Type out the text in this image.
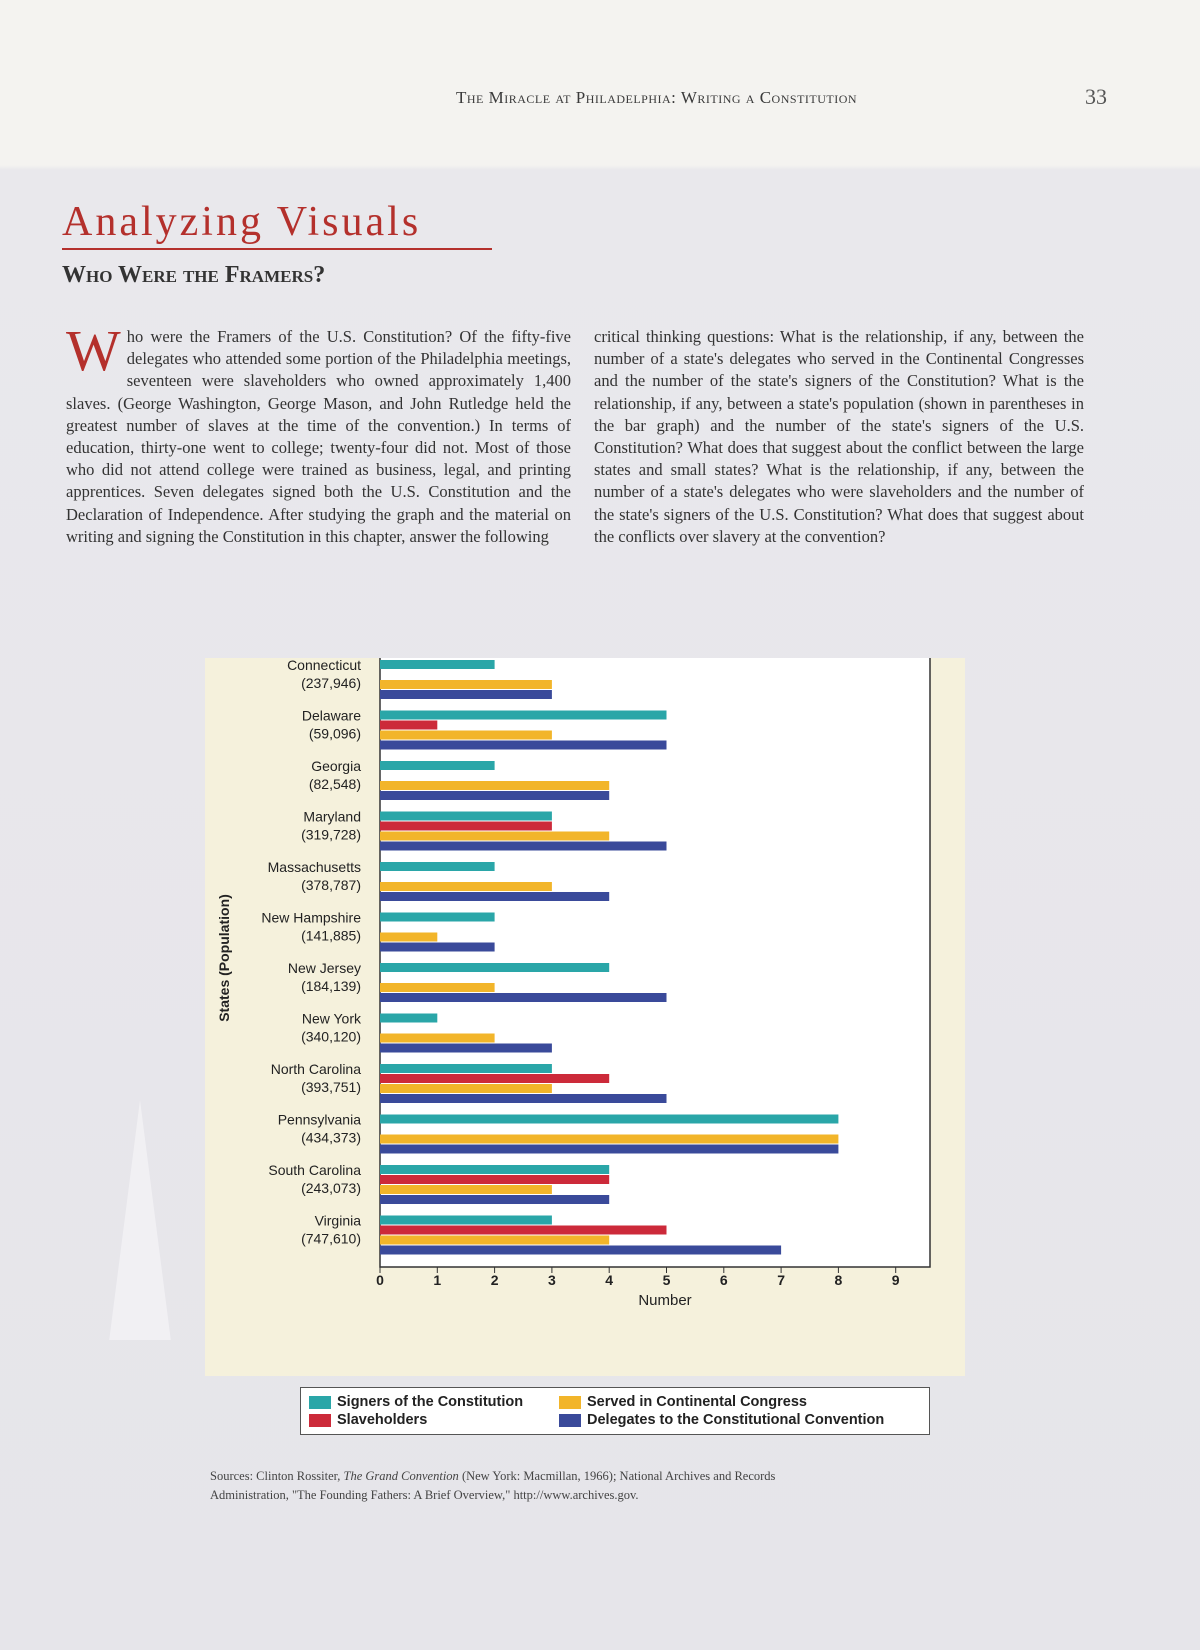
The Miracle at Philadelphia: Writing a Constitution	33
Analyzing Visuals
Who Were the Framers?
Who were the Framers of the U.S. Constitution? Of the fifty-five delegates who attended some portion of the Philadelphia meetings, seventeen were slaveholders who owned approximately 1,400 slaves. (George Washington, George Mason, and John Rutledge held the greatest number of slaves at the time of the convention.) In terms of education, thirty-one went to college; twenty-four did not. Most of those who did not attend college were trained as business, legal, and printing apprentices. Seven delegates signed both the U.S. Constitution and the Declaration of Independence. After studying the graph and the material on writing and signing the Constitution in this chapter, answer the following
critical thinking questions: What is the relationship, if any, between the number of a state's delegates who served in the Continental Congresses and the number of the state's signers of the Constitution? What is the relationship, if any, between a state's population (shown in parentheses in the bar graph) and the number of the state's signers of the U.S. Constitution? What does that suggest about the conflict between the large states and small states? What is the relationship, if any, between the number of a state's delegates who were slaveholders and the number of the state's signers of the U.S. Constitution? What does that suggest about the conflicts over slavery at the convention?
Connecticut
(237,946)
Delaware
(59,096)
Georgia
(82,548)
Maryland
(319,728)
Massachusetts
(378,787)
New Hampshire
(141,885)
New Jersey
(184,139)
New York
(340,120)
North Carolina
(393,751)
Pennsylvania
(434,373)
South Carolina
(243,073)
Virginia
(747,610)
0	1	2	3	4	5	6	7	8	9
Number
States (Population)
Signers of the Constitution
Slaveholders
Served in Continental Congress
Delegates to the Constitutional Convention
Sources: Clinton Rossiter, The Grand Convention (New York: Macmillan, 1966); National Archives and Records
Administration, "The Founding Fathers: A Brief Overview," http://www.archives.gov.
